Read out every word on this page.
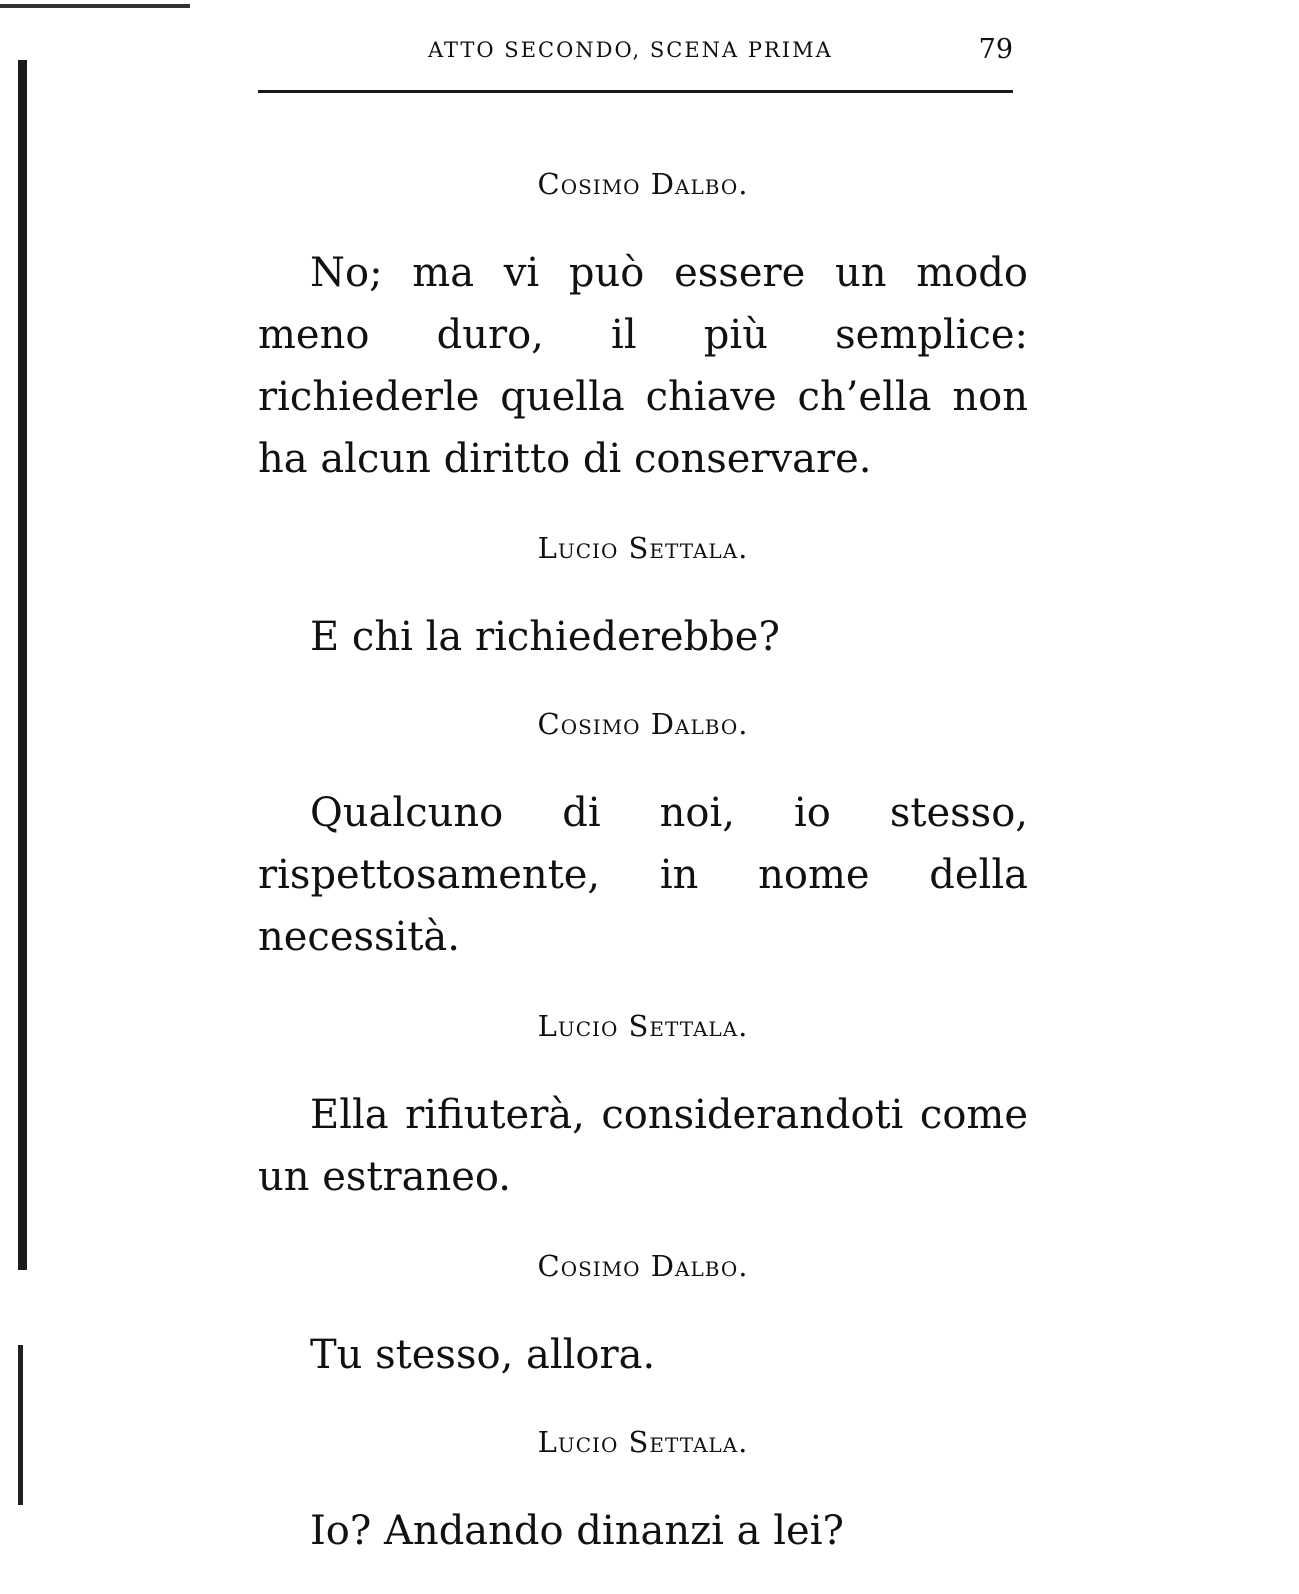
ATTO SECONDO, SCENA PRIMA	79
Cosimo Dalbo.

No; ma vi può essere un modo meno duro, il più semplice: richiederle quella chiave ch’ella non ha alcun diritto di conservare.

Lucio Settala.

E chi la richiederebbe?

Cosimo Dalbo.

Qualcuno di noi, io stesso, rispettosamente, in nome della necessità.

Lucio Settala.

Ella rifiuterà, considerandoti come un estraneo.

Cosimo Dalbo.

Tu stesso, allora.

Lucio Settala.

Io? Andando dinanzi a lei?
